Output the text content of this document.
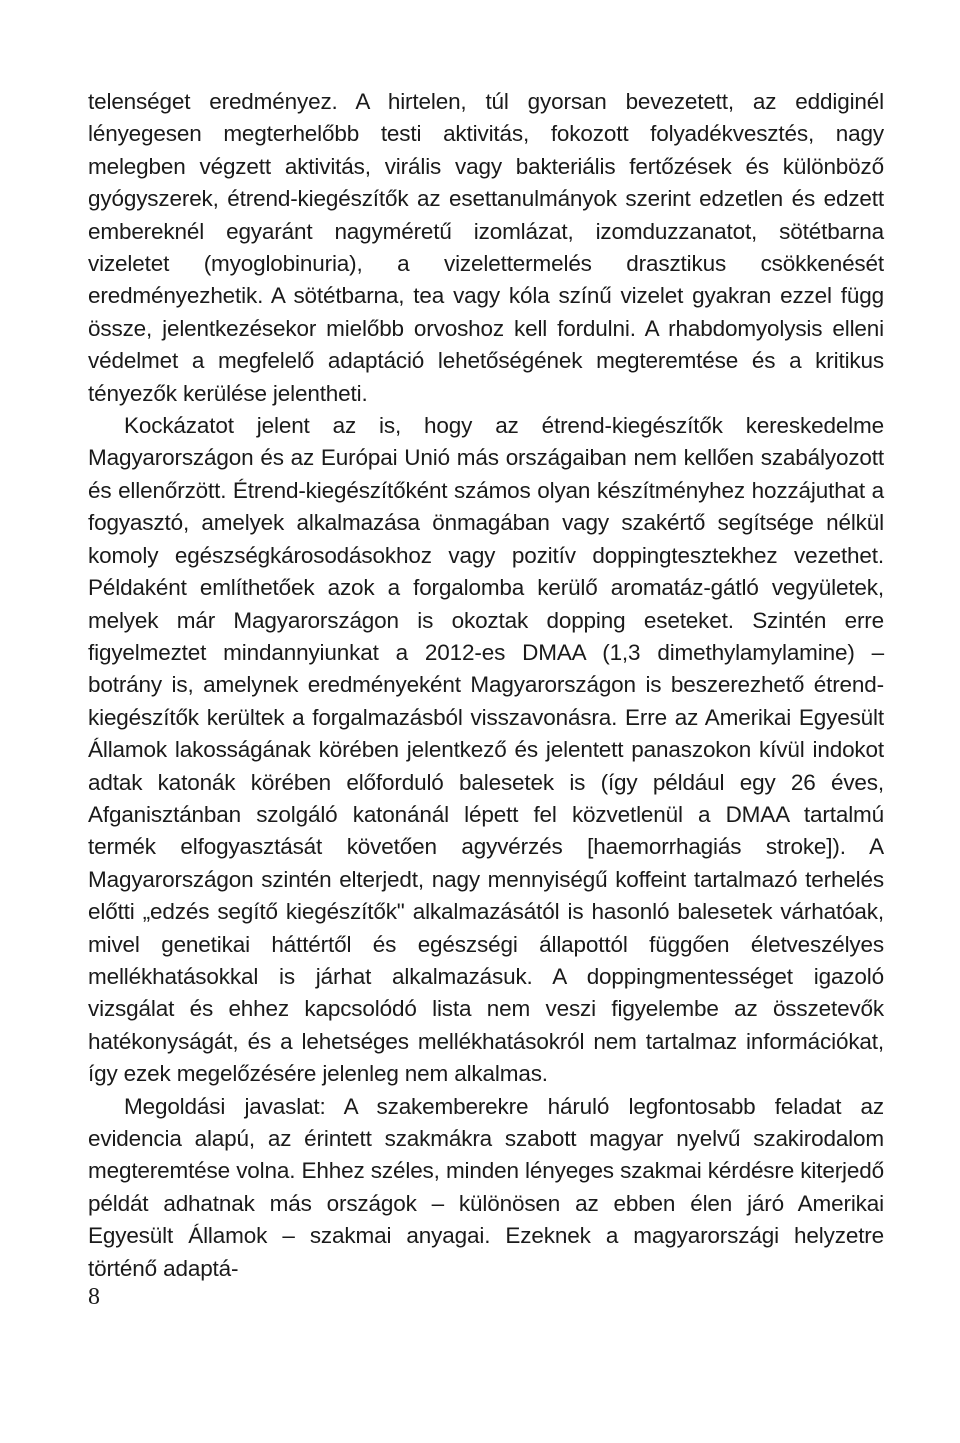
telenséget eredményez. A hirtelen, túl gyorsan bevezetett, az eddiginél lényegesen megterhelőbb testi aktivitás, fokozott folyadékvesztés, nagy melegben végzett aktivitás, virális vagy bakteriális fertőzések és különböző gyógyszerek, étrend-kiegészítők az esettanulmányok szerint edzetlen és edzett embereknél egyaránt nagyméretű izomlázat, izomduzzanatot, sötétbarna vizeletet (myoglobinuria), a vizelettermelés drasztikus csökkenését eredményezhetik. A sötétbarna, tea vagy kóla színű vizelet gyakran ezzel függ össze, jelentkezésekor mielőbb orvoshoz kell fordulni. A rhabdomyolysis elleni védelmet a megfelelő adaptáció lehetőségének megteremtése és a kritikus tényezők kerülése jelentheti.

Kockázatot jelent az is, hogy az étrend-kiegészítők kereskedelme Magyarországon és az Európai Unió más országaiban nem kellően szabályozott és ellenőrzött. Étrend-kiegészítőként számos olyan készítményhez hozzájuthat a fogyasztó, amelyek alkalmazása önmagában vagy szakértő segítsége nélkül komoly egészségkárosodásokhoz vagy pozitív doppingtesztekhez vezethet. Példaként említhetőek azok a forgalomba kerülő aromatáz-gátló vegyületek, melyek már Magyarországon is okoztak dopping eseteket. Szintén erre figyelmeztet mindannyiunkat a 2012-es DMAA (1,3 dimethylamylamine) – botrány is, amelynek eredményeként Magyarországon is beszerezhető étrend-kiegészítők kerültek a forgalmazásból visszavonásra. Erre az Amerikai Egyesült Államok lakosságának körében jelentkező és jelentett panaszokon kívül indokot adtak katonák körében előforduló balesetek is (így például egy 26 éves, Afganisztánban szolgáló katonánál lépett fel közvetlenül a DMAA tartalmú termék elfogyasztását követően agyvérzés [haemorrhagiás stroke]). A Magyarországon szintén elterjedt, nagy mennyiségű koffeint tartalmazó terhelés előtti „edzés segítő kiegészítők" alkalmazásától is hasonló balesetek várhatóak, mivel genetikai háttértől és egészségi állapottól függően életveszélyes mellékhatásokkal is járhat alkalmazásuk. A doppingmentességet igazoló vizsgálat és ehhez kapcsolódó lista nem veszi figyelembe az összetevők hatékonyságát, és a lehetséges mellékhatásokról nem tartalmaz információkat, így ezek megelőzésére jelenleg nem alkalmas.

Megoldási javaslat: A szakemberekre háruló legfontosabb feladat az evidencia alapú, az érintett szakmákra szabott magyar nyelvű szakirodalom megteremtése volna. Ehhez széles, minden lényeges szakmai kérdésre kiterjedő példát adhatnak más országok – különösen az ebben élen járó Amerikai Egyesült Államok – szakmai anyagai. Ezeknek a magyarországi helyzetre történő adaptá-

8
